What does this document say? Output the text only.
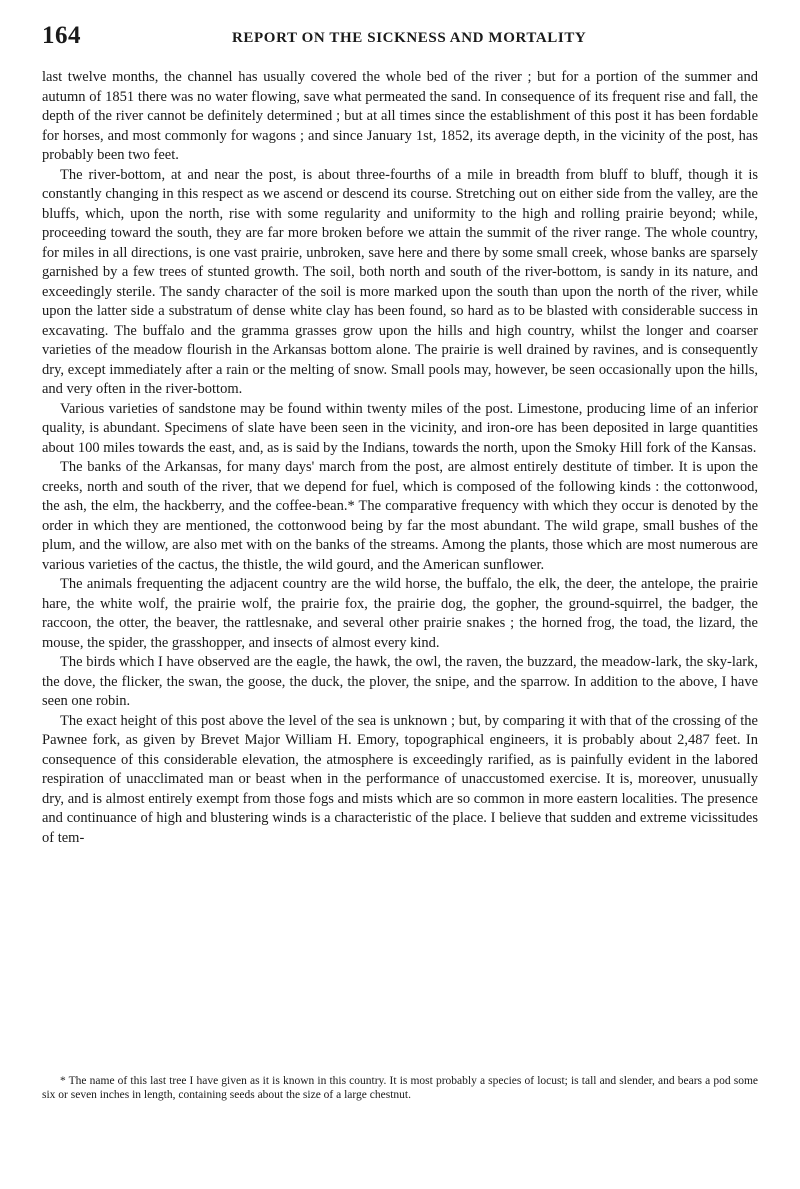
164	REPORT ON THE SICKNESS AND MORTALITY

last twelve months, the channel has usually covered the whole bed of the river ; but for a portion of the summer and autumn of 1851 there was no water flowing, save what permeated the sand. In consequence of its frequent rise and fall, the depth of the river cannot be definitely determined ; but at all times since the establishment of this post it has been fordable for horses, and most commonly for wagons ; and since January 1st, 1852, its average depth, in the vicinity of the post, has probably been two feet.

The river-bottom, at and near the post, is about three-fourths of a mile in breadth from bluff to bluff, though it is constantly changing in this respect as we ascend or descend its course. Stretching out on either side from the valley, are the bluffs, which, upon the north, rise with some regularity and uniformity to the high and rolling prairie beyond; while, proceeding toward the south, they are far more broken before we attain the summit of the river range. The whole country, for miles in all directions, is one vast prairie, unbroken, save here and there by some small creek, whose banks are sparsely garnished by a few trees of stunted growth. The soil, both north and south of the river-bottom, is sandy in its nature, and exceedingly sterile. The sandy character of the soil is more marked upon the south than upon the north of the river, while upon the latter side a substratum of dense white clay has been found, so hard as to be blasted with considerable success in excavating. The buffalo and the gramma grasses grow upon the hills and high country, whilst the longer and coarser varieties of the meadow flourish in the Arkansas bottom alone. The prairie is well drained by ravines, and is consequently dry, except immediately after a rain or the melting of snow. Small pools may, however, be seen occasionally upon the hills, and very often in the river-bottom.

Various varieties of sandstone may be found within twenty miles of the post. Limestone, producing lime of an inferior quality, is abundant. Specimens of slate have been seen in the vicinity, and iron-ore has been deposited in large quantities about 100 miles towards the east, and, as is said by the Indians, towards the north, upon the Smoky Hill fork of the Kansas.

The banks of the Arkansas, for many days' march from the post, are almost entirely destitute of timber. It is upon the creeks, north and south of the river, that we depend for fuel, which is composed of the following kinds : the cottonwood, the ash, the elm, the hackberry, and the coffee-bean.* The comparative frequency with which they occur is denoted by the order in which they are mentioned, the cottonwood being by far the most abundant. The wild grape, small bushes of the plum, and the willow, are also met with on the banks of the streams. Among the plants, those which are most numerous are various varieties of the cactus, the thistle, the wild gourd, and the American sunflower.

The animals frequenting the adjacent country are the wild horse, the buffalo, the elk, the deer, the antelope, the prairie hare, the white wolf, the prairie wolf, the prairie fox, the prairie dog, the gopher, the ground-squirrel, the badger, the raccoon, the otter, the beaver, the rattlesnake, and several other prairie snakes ; the horned frog, the toad, the lizard, the mouse, the spider, the grasshopper, and insects of almost every kind.

The birds which I have observed are the eagle, the hawk, the owl, the raven, the buzzard, the meadow-lark, the sky-lark, the dove, the flicker, the swan, the goose, the duck, the plover, the snipe, and the sparrow. In addition to the above, I have seen one robin.

The exact height of this post above the level of the sea is unknown ; but, by comparing it with that of the crossing of the Pawnee fork, as given by Brevet Major William H. Emory, topographical engineers, it is probably about 2,487 feet. In consequence of this considerable elevation, the atmosphere is exceedingly rarified, as is painfully evident in the labored respiration of unacclimated man or beast when in the performance of unaccustomed exercise. It is, moreover, unusually dry, and is almost entirely exempt from those fogs and mists which are so common in more eastern localities. The presence and continuance of high and blustering winds is a characteristic of the place. I believe that sudden and extreme vicissitudes of tem-

* The name of this last tree I have given as it is known in this country. It is most probably a species of locust; is tall and slender, and bears a pod some six or seven inches in length, containing seeds about the size of a large chestnut.
